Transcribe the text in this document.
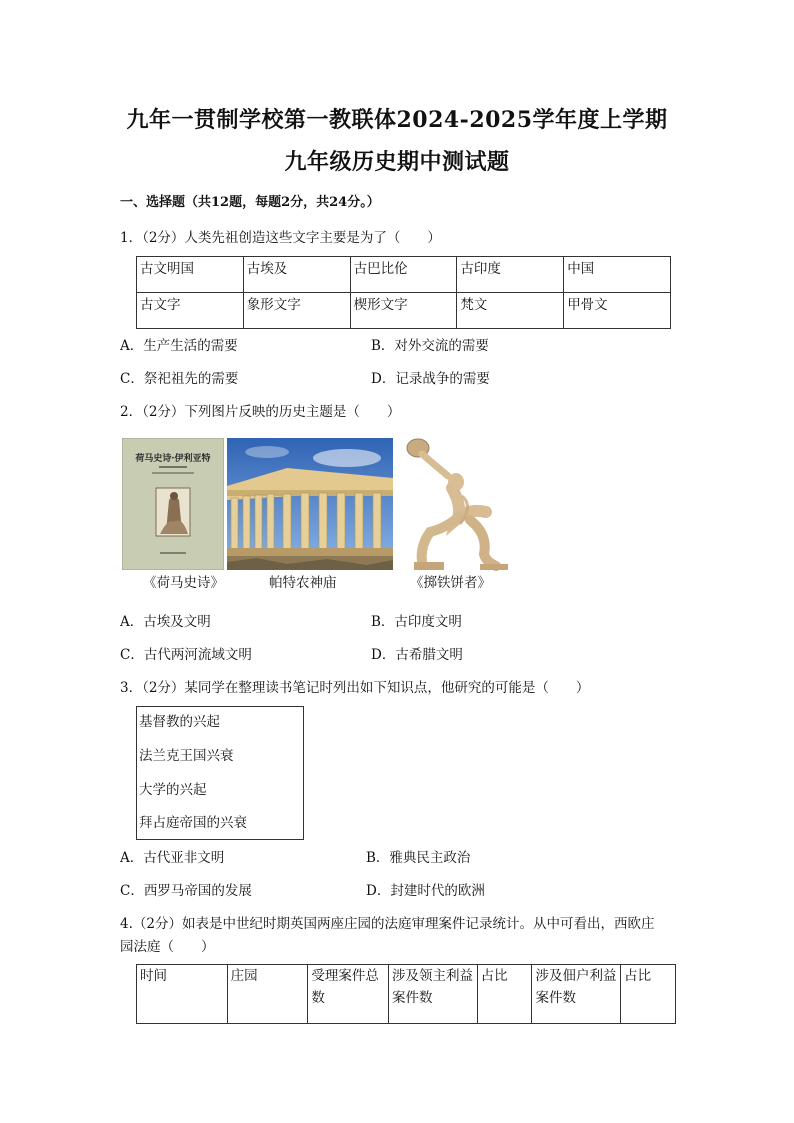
九年一贯制学校第一教联体2024-2025学年度上学期
九年级历史期中测试题
一、选择题（共12题，每题2分，共24分。）
1．（2分）人类先祖创造这些文字主要是为了（　　）
古文明国	古埃及	古巴比伦	古印度	中国
古文字	象形文字	楔形文字	梵文	甲骨文
A．生产生活的需要	B．对外交流的需要
C．祭祀祖先的需要	D．记录战争的需要
2．（2分）下列图片反映的历史主题是（　　）
荷马史诗·伊利亚特
《荷马史诗》	帕特农神庙	《掷铁饼者》
A．古埃及文明	B．古印度文明
C．古代两河流域文明	D．古希腊文明
3．（2分）某同学在整理读书笔记时列出如下知识点，他研究的可能是（　　）
基督教的兴起
法兰克王国兴衰
大学的兴起
拜占庭帝国的兴衰
A．古代亚非文明	B．雅典民主政治
C．西罗马帝国的发展	D．封建时代的欧洲
4.（2分）如表是中世纪时期英国两座庄园的法庭审理案件记录统计。从中可看出，西欧庄
园法庭（　　）
时间	庄园	受理案件总数	涉及领主利益案件数	占比	涉及佃户利益案件数	占比
